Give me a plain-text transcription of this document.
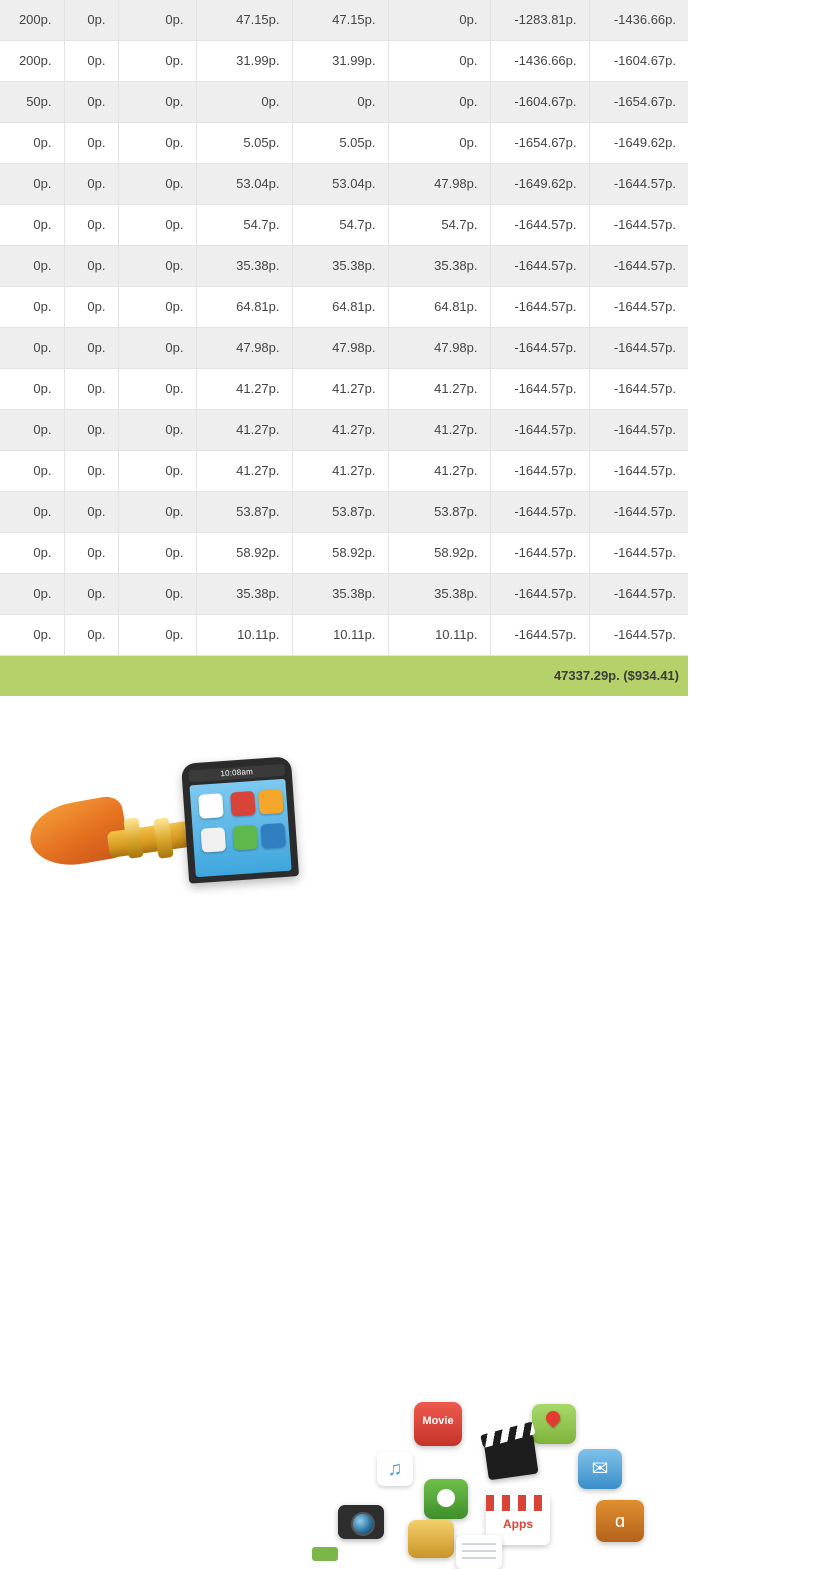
200p.	0p.	0p.	47.15p.	47.15p.	0p.	-1283.81p.	-1436.66p.
200p.	0p.	0p.	31.99p.	31.99p.	0p.	-1436.66p.	-1604.67p.
50p.	0p.	0p.	0p.	0p.	0p.	-1604.67p.	-1654.67p.
0p.	0p.	0p.	5.05p.	5.05p.	0p.	-1654.67p.	-1649.62p.
0p.	0p.	0p.	53.04p.	53.04p.	47.98p.	-1649.62p.	-1644.57p.
0p.	0p.	0p.	54.7p.	54.7p.	54.7p.	-1644.57p.	-1644.57p.
0p.	0p.	0p.	35.38p.	35.38p.	35.38p.	-1644.57p.	-1644.57p.
0p.	0p.	0p.	64.81p.	64.81p.	64.81p.	-1644.57p.	-1644.57p.
0p.	0p.	0p.	47.98p.	47.98p.	47.98p.	-1644.57p.	-1644.57p.
0p.	0p.	0p.	41.27p.	41.27p.	41.27p.	-1644.57p.	-1644.57p.
0p.	0p.	0p.	41.27p.	41.27p.	41.27p.	-1644.57p.	-1644.57p.
0p.	0p.	0p.	41.27p.	41.27p.	41.27p.	-1644.57p.	-1644.57p.
0p.	0p.	0p.	53.87p.	53.87p.	53.87p.	-1644.57p.	-1644.57p.
0p.	0p.	0p.	58.92p.	58.92p.	58.92p.	-1644.57p.	-1644.57p.
0p.	0p.	0p.	35.38p.	35.38p.	35.38p.	-1644.57p.	-1644.57p.
0p.	0p.	0p.	10.11p.	10.11p.	10.11p.	-1644.57p.	-1644.57p.
47337.29p. ($934.41)
10:08am
Movie
♫	✉
Apps	ɑ
